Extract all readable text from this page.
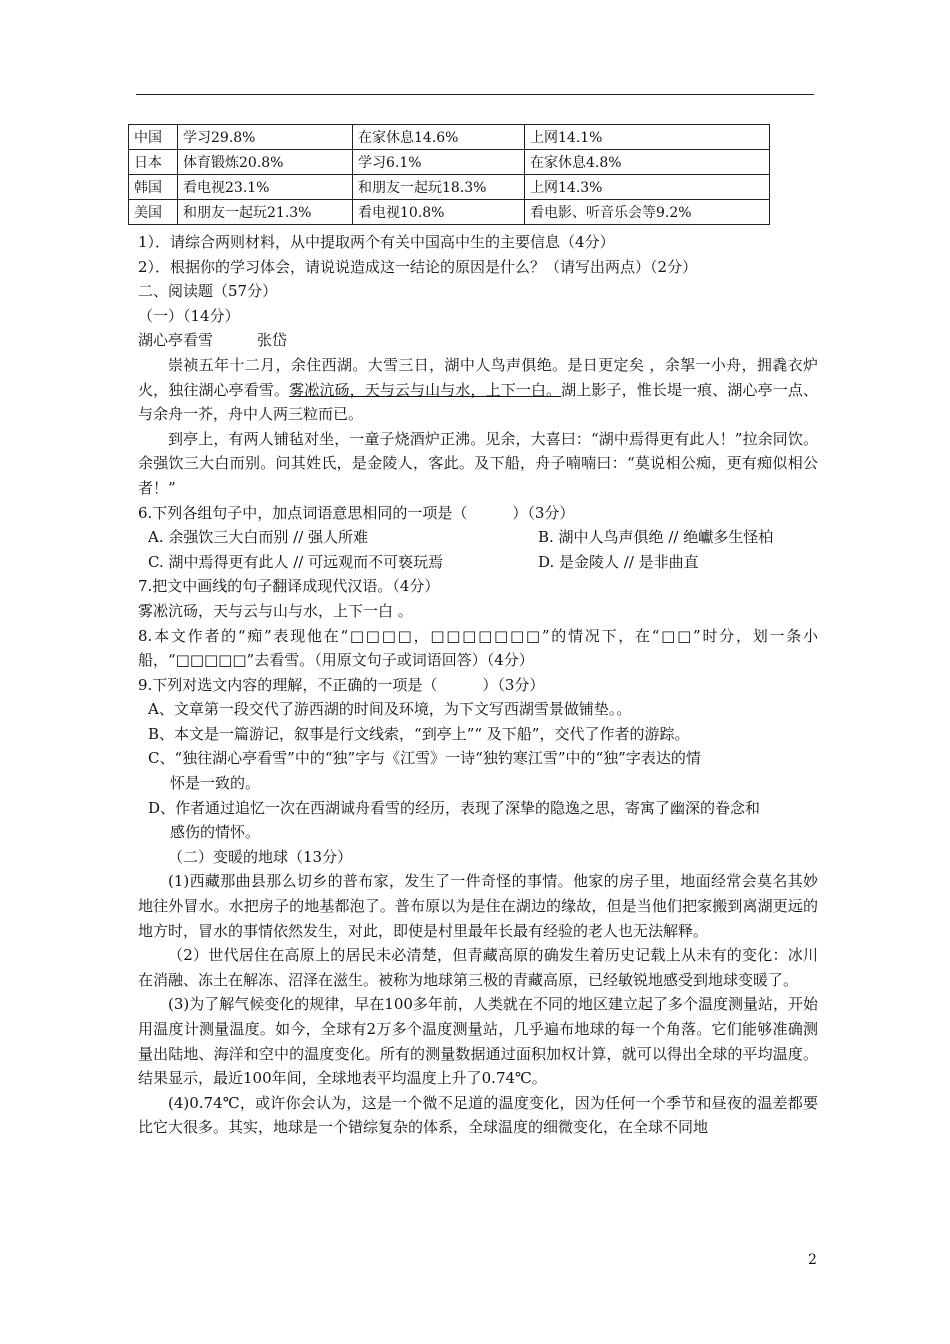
中国	学习29.8%	在家休息14.6%	上网14.1%
日本	体育锻炼20.8%	学习6.1%	在家休息4.8%
韩国	看电视23.1%	和朋友一起玩18.3%	上网14.3%
美国	和朋友一起玩21.3%	看电视10.8%	看电影、听音乐会等9.2%
1）．请综合两则材料，从中提取两个有关中国高中生的主要信息（4分）
2）．根据你的学习体会，请说说造成这一结论的原因是什么？（请写出两点）（2分）
二、阅读题（57分）
（一）（14分）
湖心亭看雪	张岱

崇祯五年十二月，余住西湖。大雪三日，湖中人鸟声俱绝。是日更定矣 ，余挐一小舟，拥毳衣炉火，独往湖心亭看雪。雾凇沆砀，天与云与山与水，上下一白。湖上影子，惟长堤一痕、湖心亭一点、与余舟一芥，舟中人两三粒而已。

到亭上，有两人铺毡对坐，一童子烧酒炉正沸。见余，大喜曰：“湖中焉得更有此人！”拉余同饮。余强饮三大白而别。问其姓氏，是金陵人，客此。及下船，舟子喃喃曰：“莫说相公痴，更有痴似相公者！”

6.下列各组句子中，加点词语意思相同的一项是（　　　）（3分）
A. 余强饮三大白而别 // 强人所难	B. 湖中人鸟声俱绝 // 绝巘多生怪柏
C. 湖中焉得更有此人 // 可远观而不可亵玩焉	D. 是金陵人 // 是非曲直
7.把文中画线的句子翻译成现代汉语。（4分）
雾凇沆砀，天与云与山与水，上下一白 。

8.本文作者的“痴”表现他在“□□□□，□□□□□□□”的情况下，在“□□”时分，划一条小船，“□□□□□”去看雪。（用原文句子或词语回答）（4分）

9.下列对选文内容的理解，不正确的一项是（　　　）（3分）
A、文章第一段交代了游西湖的时间及环境，为下文写西湖雪景做铺垫。。
B、本文是一篇游记，叙事是行文线索，“到亭上”“ 及下船”，交代了作者的游踪。
C、“独往湖心亭看雪”中的“独”字与《江雪》一诗“独钓寒江雪”中的“独”字表达的情
怀是一致的。
D、作者通过追忆一次在西湖诚舟看雪的经历，表现了深挚的隐逸之思，寄寓了幽深的眷念和
感伤的情怀。
（二）变暖的地球（13分）

(1)西藏那曲县那么切乡的普布家，发生了一件奇怪的事情。他家的房子里，地面经常会莫名其妙地往外冒水。水把房子的地基都泡了。普布原以为是住在湖边的缘故，但是当他们把家搬到离湖更远的地方时，冒水的事情依然发生，对此，即使是村里最年长最有经验的老人也无法解释。

（2）世代居住在高原上的居民未必清楚，但青藏高原的确发生着历史记载上从未有的变化：冰川在消融、冻土在解冻、沼泽在滋生。被称为地球第三极的青藏高原，已经敏锐地感受到地球变暖了。

(3)为了解气候变化的规律，早在100多年前，人类就在不同的地区建立起了多个温度测量站，开始用温度计测量温度。如今，全球有2万多个温度测量站，几乎遍布地球的每一个角落。它们能够准确测量出陆地、海洋和空中的温度变化。所有的测量数据通过面积加权计算，就可以得出全球的平均温度。结果显示，最近100年间，全球地表平均温度上升了0.74℃。

(4)0.74℃，或许你会认为，这是一个微不足道的温度变化，因为任何一个季节和昼夜的温差都要比它大很多。其实，地球是一个错综复杂的体系，全球温度的细微变化，在全球不同地

2
